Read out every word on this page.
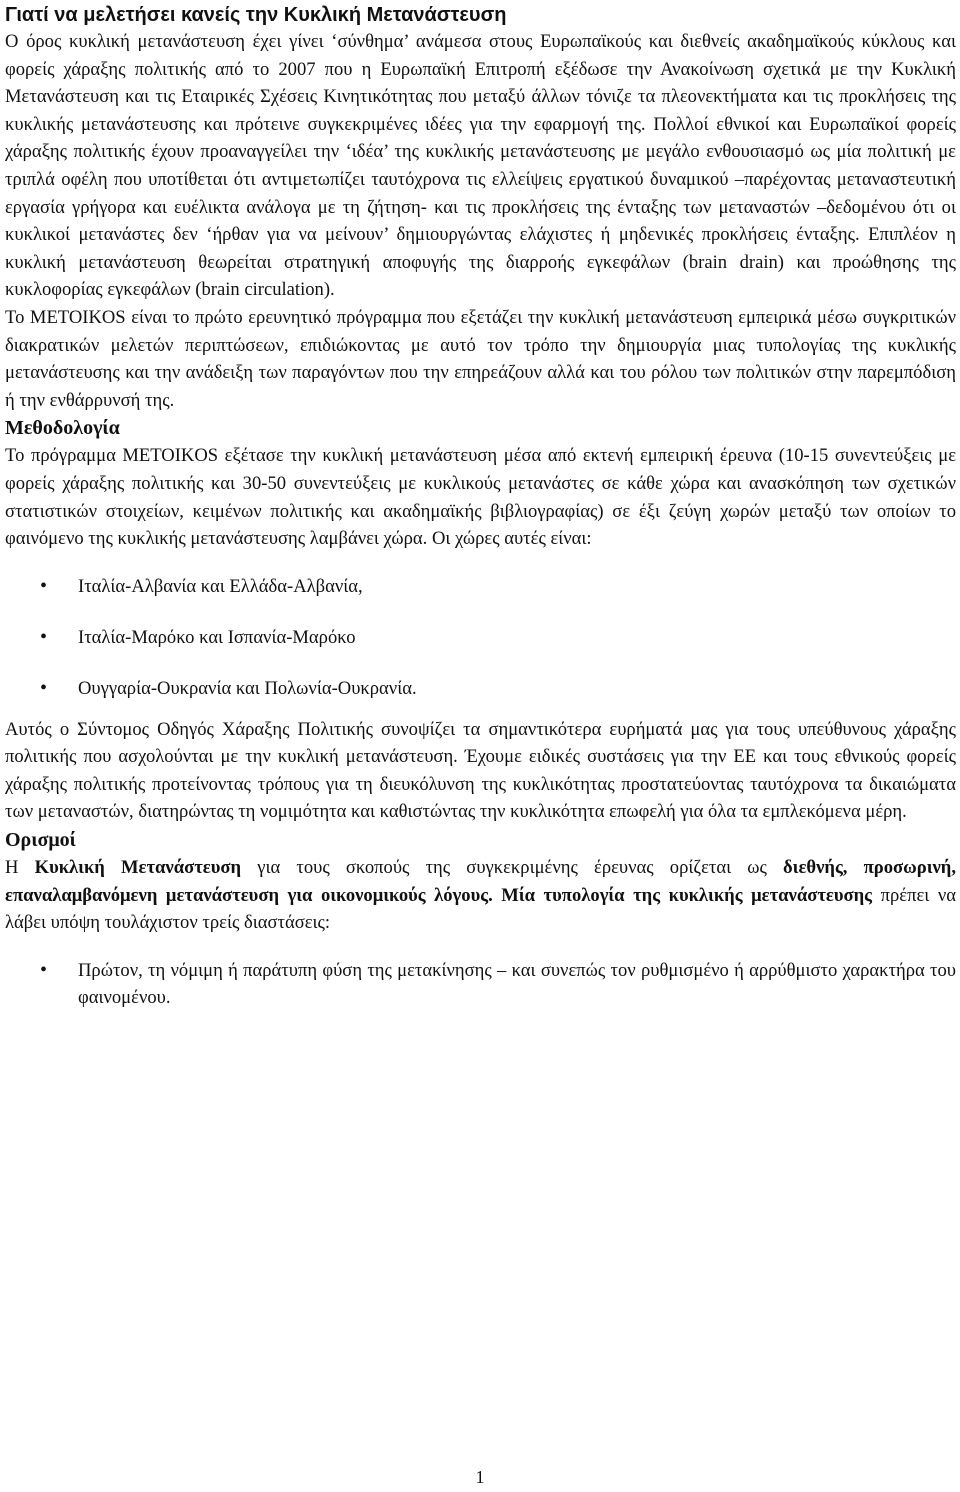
Γιατί να μελετήσει κανείς την Κυκλική Μετανάστευση

Ο όρος κυκλική μετανάστευση έχει γίνει ‘σύνθημα’ ανάμεσα στους Ευρωπαϊκούς και διεθνείς ακαδημαϊκούς κύκλους και φορείς χάραξης πολιτικής από το 2007 που η Ευρωπαϊκή Επιτροπή εξέδωσε την Ανακοίνωση σχετικά με την Κυκλική Μετανάστευση και τις Εταιρικές Σχέσεις Κινητικότητας που μεταξύ άλλων τόνιζε τα πλεονεκτήματα και τις προκλήσεις της κυκλικής μετανάστευσης και πρότεινε συγκεκριμένες ιδέες για την εφαρμογή της. Πολλοί εθνικοί και Ευρωπαϊκοί φορείς χάραξης πολιτικής έχουν προαναγγείλει την ‘ιδέα’ της κυκλικής μετανάστευσης με μεγάλο ενθουσιασμό ως μία πολιτική με τριπλά οφέλη που υποτίθεται ότι αντιμετωπίζει ταυτόχρονα τις ελλείψεις εργατικού δυναμικού –παρέχοντας μεταναστευτική εργασία γρήγορα και ευέλικτα ανάλογα με τη ζήτηση- και τις προκλήσεις της ένταξης των μεταναστών –δεδομένου ότι οι κυκλικοί μετανάστες δεν ‘ήρθαν για να μείνουν’ δημιουργώντας ελάχιστες ή μηδενικές προκλήσεις ένταξης. Επιπλέον η κυκλική μετανάστευση θεωρείται στρατηγική αποφυγής της διαρροής εγκεφάλων (brain drain) και προώθησης της κυκλοφορίας εγκεφάλων (brain circulation).

Το METOIKOS είναι το πρώτο ερευνητικό πρόγραμμα που εξετάζει την κυκλική μετανάστευση εμπειρικά μέσω συγκριτικών διακρατικών μελετών περιπτώσεων, επιδιώκοντας με αυτό τον τρόπο την δημιουργία μιας τυπολογίας της κυκλικής μετανάστευσης και την ανάδειξη των παραγόντων που την επηρεάζουν αλλά και του ρόλου των πολιτικών στην παρεμπόδιση ή την ενθάρρυνσή της.

Μεθοδολογία

Το πρόγραμμα METOIKOS εξέτασε την κυκλική μετανάστευση μέσα από εκτενή εμπειρική έρευνα (10-15 συνεντεύξεις με φορείς χάραξης πολιτικής και 30-50 συνεντεύξεις με κυκλικούς μετανάστες σε κάθε χώρα και ανασκόπηση των σχετικών στατιστικών στοιχείων, κειμένων πολιτικής και ακαδημαϊκής βιβλιογραφίας) σε έξι ζεύγη χωρών μεταξύ των οποίων το φαινόμενο της κυκλικής μετανάστευσης λαμβάνει χώρα. Οι χώρες αυτές είναι:

• Ιταλία-Αλβανία και Ελλάδα-Αλβανία,
• Ιταλία-Μαρόκο και Ισπανία-Μαρόκο
• Ουγγαρία-Ουκρανία και Πολωνία-Ουκρανία.

Αυτός ο Σύντομος Οδηγός Χάραξης Πολιτικής συνοψίζει τα σημαντικότερα ευρήματά μας για τους υπεύθυνους χάραξης πολιτικής που ασχολούνται με την κυκλική μετανάστευση. Έχουμε ειδικές συστάσεις για την ΕΕ και τους εθνικούς φορείς χάραξης πολιτικής προτείνοντας τρόπους για τη διευκόλυνση της κυκλικότητας προστατεύοντας ταυτόχρονα τα δικαιώματα των μεταναστών, διατηρώντας τη νομιμότητα και καθιστώντας την κυκλικότητα επωφελή για όλα τα εμπλεκόμενα μέρη.

Ορισμοί

Η Κυκλική Μετανάστευση για τους σκοπούς της συγκεκριμένης έρευνας ορίζεται ως διεθνής, προσωρινή, επαναλαμβανόμενη μετανάστευση για οικονομικούς λόγους. Μία τυπολογία της κυκλικής μετανάστευσης πρέπει να λάβει υπόψη τουλάχιστον τρείς διαστάσεις:

• Πρώτον, τη νόμιμη ή παράτυπη φύση της μετακίνησης – και συνεπώς τον ρυθμισμένο ή αρρύθμιστο χαρακτήρα του φαινομένου.
1
